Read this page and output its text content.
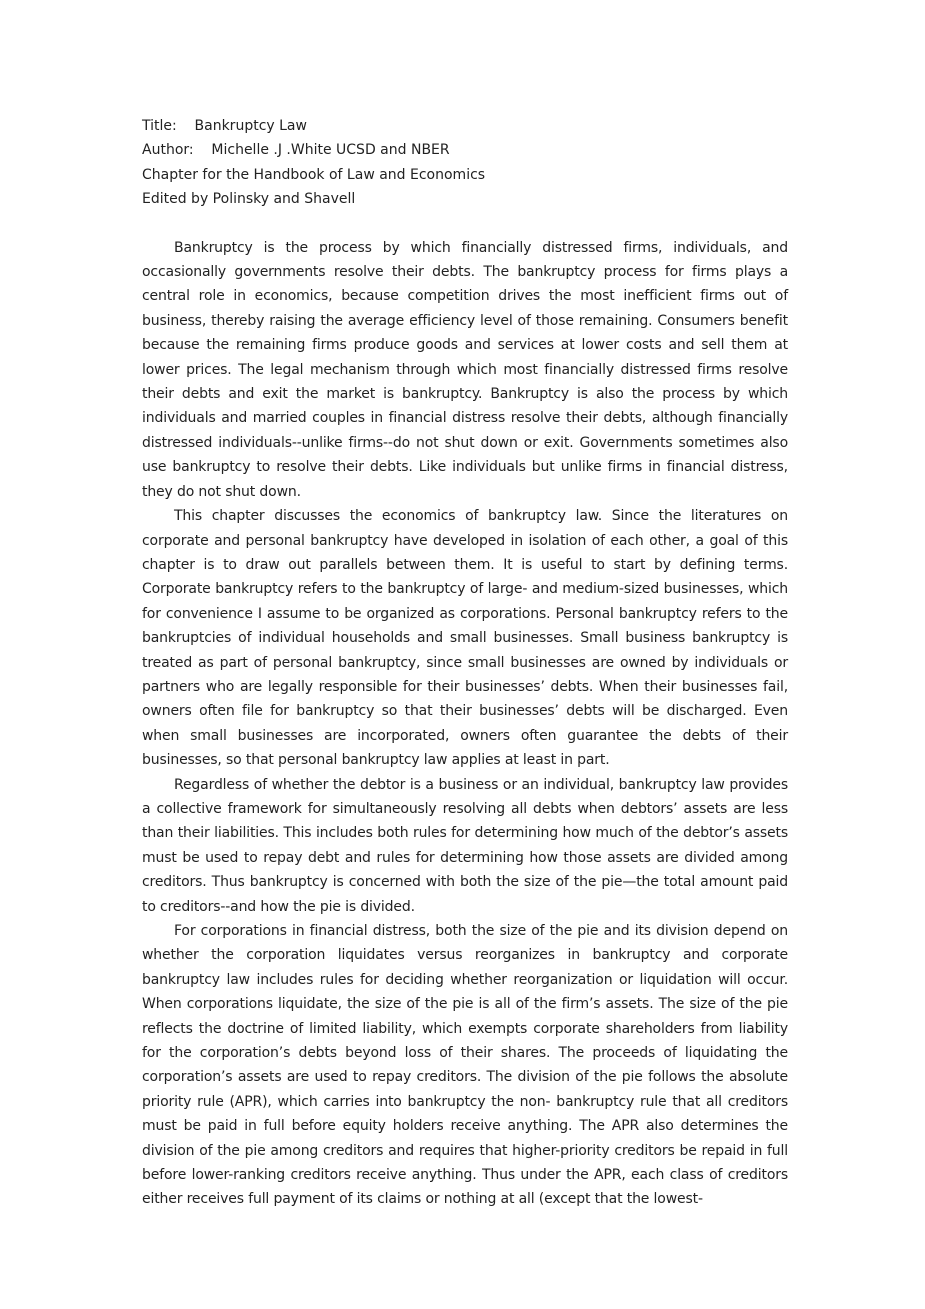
Title:    Bankruptcy Law

Author:    Michelle .J .White UCSD and NBER

Chapter for the Handbook of Law and Economics

Edited by Polinsky and Shavell

Bankruptcy is the process by which financially distressed firms, individuals, and occasionally governments resolve their debts. The bankruptcy process for firms plays a central role in economics, because competition drives the most inefficient firms out of business, thereby raising the average efficiency level of those remaining. Consumers benefit because the remaining firms produce goods and services at lower costs and sell them at lower prices. The legal mechanism through which most financially distressed firms resolve their debts and exit the market is bankruptcy. Bankruptcy is also the process by which individuals and married couples in financial distress resolve their debts, although financially distressed individuals--unlike firms--do not shut down or exit. Governments sometimes also use bankruptcy to resolve their debts. Like individuals but unlike firms in financial distress, they do not shut down.

This chapter discusses the economics of bankruptcy law. Since the literatures on corporate and personal bankruptcy have developed in isolation of each other, a goal of this chapter is to draw out parallels between them. It is useful to start by defining terms. Corporate bankruptcy refers to the bankruptcy of large- and medium-sized businesses, which for convenience I assume to be organized as corporations. Personal bankruptcy refers to the bankruptcies of individual households and small businesses. Small business bankruptcy is treated as part of personal bankruptcy, since small businesses are owned by individuals or partners who are legally responsible for their businesses’ debts. When their businesses fail, owners often file for bankruptcy so that their businesses’ debts will be discharged. Even when small businesses are incorporated, owners often guarantee the debts of their businesses, so that personal bankruptcy law applies at least in part.

Regardless of whether the debtor is a business or an individual, bankruptcy law provides a collective framework for simultaneously resolving all debts when debtors’ assets are less than their liabilities. This includes both rules for determining how much of the debtor’s assets must be used to repay debt and rules for determining how those assets are divided among creditors. Thus bankruptcy is concerned with both the size of the pie—the total amount paid to creditors--and how the pie is divided.

For corporations in financial distress, both the size of the pie and its division depend on whether the corporation liquidates versus reorganizes in bankruptcy and corporate bankruptcy law includes rules for deciding whether reorganization or liquidation will occur. When corporations liquidate, the size of the pie is all of the firm’s assets. The size of the pie reflects the doctrine of limited liability, which exempts corporate shareholders from liability for the corporation’s debts beyond loss of their shares. The proceeds of liquidating the corporation’s assets are used to repay creditors. The division of the pie follows the absolute priority rule (APR), which carries into bankruptcy the non- bankruptcy rule that all creditors must be paid in full before equity holders receive anything. The APR also determines the division of the pie among creditors and requires that higher-priority creditors be repaid in full before lower-ranking creditors receive anything. Thus under the APR, each class of creditors either receives full payment of its claims or nothing at all (except that the lowest-
